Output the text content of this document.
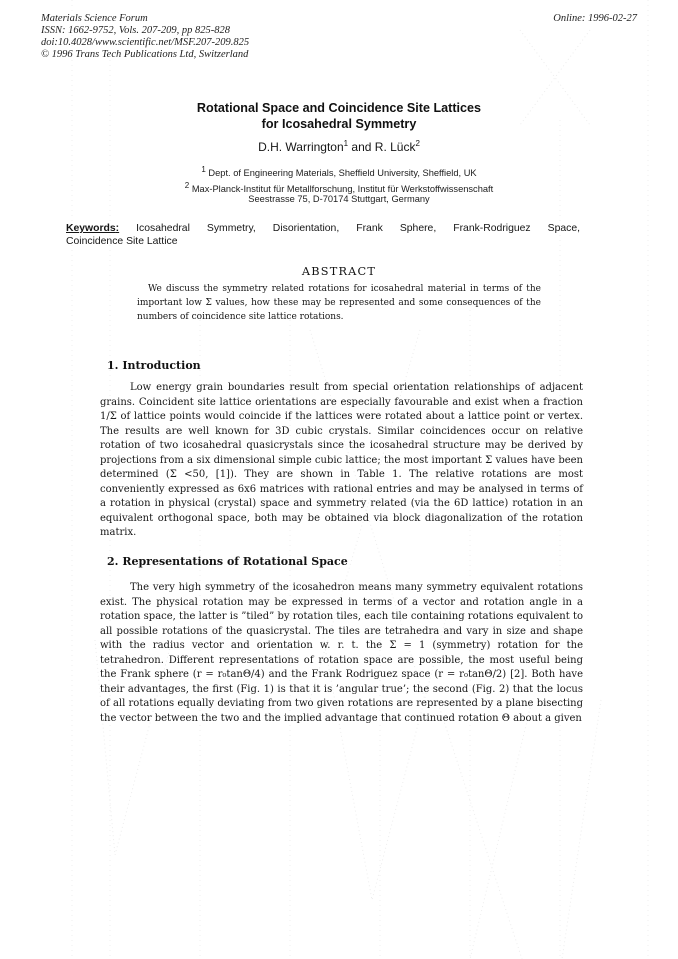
Materials Science Forum
ISSN: 1662-9752, Vols. 207-209, pp 825-828
doi:10.4028/www.scientific.net/MSF.207-209.825
© 1996 Trans Tech Publications Ltd, Switzerland
Online: 1996-02-27
Rotational Space and Coincidence Site Lattices
for Icosahedral Symmetry
D.H. Warrington$^1$ and R. Lück$^2$
$^1$ Dept. of Engineering Materials, Sheffield University, Sheffield, UK
$^2$ Max-Planck-Institut für Metallforschung, Institut für Werkstoffwissenschaft
Seestrasse 75, D-70174 Stuttgart, Germany
Keywords: Icosahedral Symmetry, Disorientation, Frank Sphere, Frank-Rodriguez Space,
Coincidence Site Lattice
ABSTRACT
We discuss the symmetry related rotations for icosahedral material in terms of the important low Σ values, how these may be represented and some consequences of the numbers of coincidence site lattice rotations.
1. Introduction
Low energy grain boundaries result from special orientation relationships of adjacent grains. Coincident site lattice orientations are especially favourable and exist when a fraction 1/Σ of lattice points would coincide if the lattices were rotated about a lattice point or vertex. The results are well known for 3D cubic crystals. Similar coincidences occur on relative rotation of two icosahedral quasicrystals since the icosahedral structure may be derived by projections from a six dimensional simple cubic lattice; the most important Σ values have been determined (Σ <50, [1]). They are shown in Table 1. The relative rotations are most conveniently expressed as 6x6 matrices with rational entries and may be analysed in terms of a rotation in physical (crystal) space and symmetry related (via the 6D lattice) rotation in an equivalent orthogonal space, both may be obtained via block diagonalization of the rotation matrix.
2. Representations of Rotational Space
The very high symmetry of the icosahedron means many symmetry equivalent rotations exist. The physical rotation may be expressed in terms of a vector and rotation angle in a rotation space, the latter is ”tiled” by rotation tiles, each tile containing rotations equivalent to all possible rotations of the quasicrystal. The tiles are tetrahedra and vary in size and shape with the radius vector and orientation w. r. t. the Σ = 1 (symmetry) rotation for the tetrahedron. Different representations of rotation space are possible, the most useful being the Frank sphere (r = r₀tanΘ/4) and the Frank Rodriguez space (r = r₀tanΘ/2) [2]. Both have their advantages, the first (Fig. 1) is that it is ’angular true’; the second (Fig. 2) that the locus of all rotations equally deviating from two given rotations are represented by a plane bisecting the vector between the two and the implied advantage that continued rotation Θ about a given
